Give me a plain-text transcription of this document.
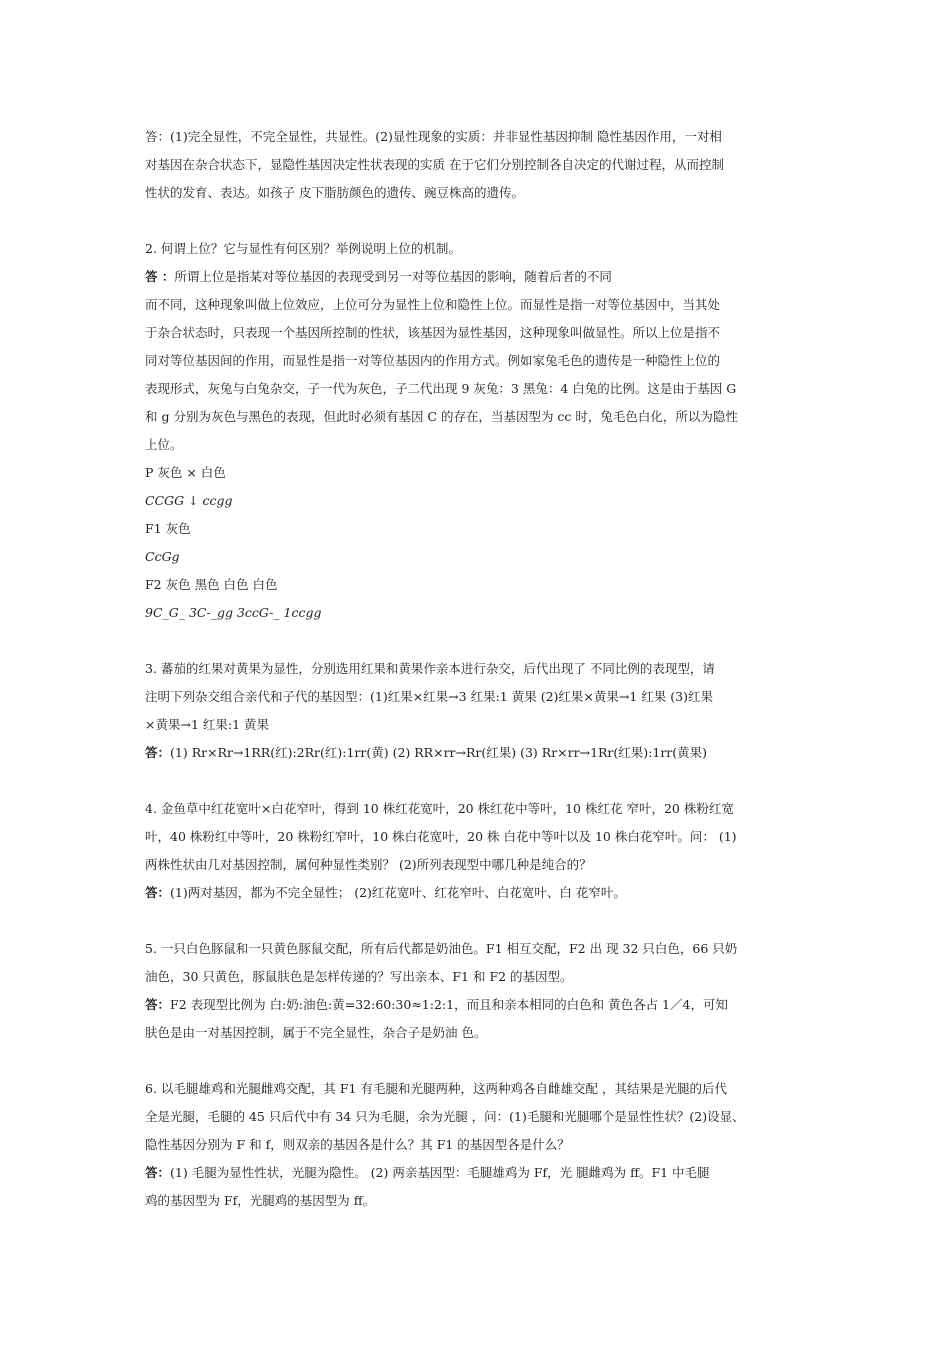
答：(1)完全显性，不完全显性，共显性。(2)显性现象的实质：并非显性基因抑制 隐性基因作用，一对相
对基因在杂合状态下，显隐性基因决定性状表现的实质 在于它们分别控制各自决定的代谢过程，从而控制
性状的发育、表达。如孩子 皮下脂肪颜色的遗传、豌豆株高的遗传。
2. 何谓上位？它与显性有何区别？举例说明上位的机制。
答 ：所谓上位是指某对等位基因的表现受到另一对等位基因的影响，随着后者的不同
而不同，这种现象叫做上位效应，上位可分为显性上位和隐性上位。而显性是指一对等位基因中，当其处
于杂合状态时，只表现一个基因所控制的性状，该基因为显性基因，这种现象叫做显性。所以上位是指不
同对等位基因间的作用，而显性是指一对等位基因内的作用方式。例如家兔毛色的遗传是一种隐性上位的
表现形式，灰兔与白兔杂交，子一代为灰色，子二代出现 9 灰兔：3 黑兔：4 白兔的比例。这是由于基因 G
和 g 分别为灰色与黑色的表现，但此时必须有基因 C 的存在，当基因型为 cc 时，兔毛色白化，所以为隐性
上位。
P 灰色 × 白色
CCGG ↓ ccgg
F1 灰色
CcGg
F2 灰色 黑色 白色 白色
9C_G_ 3C-_gg 3ccG-_ 1ccgg
3. 蕃茄的红果对黄果为显性，分别选用红果和黄果作亲本进行杂交，后代出现了 不同比例的表现型，请
注明下列杂交组合亲代和子代的基因型：(1)红果×红果→3 红果:1 黄果 (2)红果×黄果→1 红果 (3)红果
×黄果→1 红果:1 黄果
答：(1) Rr×Rr→1RR(红):2Rr(红):1rr(黄) (2) RR×rr→Rr(红果) (3) Rr×rr→1Rr(红果):1rr(黄果)
4. 金鱼草中红花宽叶×白花窄叶，得到 10 株红花宽叶，20 株红花中等叶，10 株红花 窄叶，20 株粉红宽
叶，40 株粉红中等叶，20 株粉红窄叶，10 株白花宽叶，20 株 白花中等叶以及 10 株白花窄叶。问： (1)
两株性状由几对基因控制，属何种显性类别？ (2)所列表现型中哪几种是纯合的？
答：(1)两对基因，都为不完全显性； (2)红花宽叶、红花窄叶、白花宽叶、白 花窄叶。
5. 一只白色豚鼠和一只黄色豚鼠交配，所有后代都是奶油色。F1 相互交配，F2 出 现 32 只白色，66 只奶
油色，30 只黄色，豚鼠肤色是怎样传递的？写出亲本、F1 和 F2 的基因型。
答：F2 表现型比例为 白:奶:油色:黄=32:60:30≈1:2:1，而且和亲本相同的白色和 黄色各占 1／4，可知
肤色是由一对基因控制，属于不完全显性，杂合子是奶油 色。
6. 以毛腿雄鸡和光腿雌鸡交配，其 F1 有毛腿和光腿两种，这两种鸡各自雌雄交配 ，其结果是光腿的后代
全是光腿，毛腿的 45 只后代中有 34 只为毛腿，余为光腿 ，问：(1)毛腿和光腿哪个是显性性状？(2)设显、
隐性基因分别为 F 和 f，则双亲的基因各是什么？其 F1 的基因型各是什么？
答：(1) 毛腿为显性性状，光腿为隐性。 (2) 两亲基因型：毛腿雄鸡为 Ff，光 腿雌鸡为 ff。F1 中毛腿
鸡的基因型为 Ff，光腿鸡的基因型为 ff。
